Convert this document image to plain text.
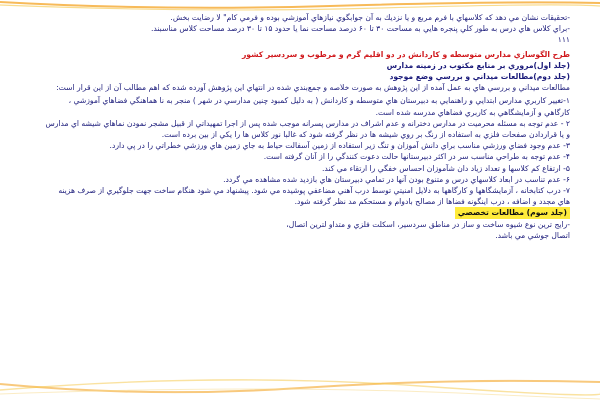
-تحقیقات نشان مي دهد كه كلاسهاي با فرم مربع و يا نزديك به آن جوابگوي نيازهاي آموزشي بوده و فرمي كام‌" لا رضايت بخش.

-براي كلاس هاي درس به طور كلي پنجره هايي به مساحت ۳۰ تا ۶۰ درصد مساحت نما يا حدود ۱۵ تا ۳۰ درصد مساحت كلاس مناسبند.

۱۱۱

طرح الگوسازي مدارس متوسطه و كاردانش در دو اقليم گرم و مرطوب و سردسير كشور

(جلد اول)مروري بر منابع مكتوب در زمينه مدارس

(جلد دوم)مطالعات ميداني و بررسي وضع موجود

مطالعات ميداني و بررسي هاي به عمل آمده از اين پژوهش به صورت خلاصه و جمع‌بندي شده در انتهاي اين پژوهش آورده شده كه اهم مطالب آن از اين قرار است:

۱-تغيير كاربري مدارس ابتدايي و راهنمايي به دبيرستان هاي متوسطه و كاردانش ( به دليل كمبود چنين مدارسي در شهر ) منجر به نا هماهنگي فضاهاي آموزشي ، كارگاهي و آزمايشگاهي به كاربري فضاهاي مدرسه شده است.

۲ - عدم توجه به مسئله محرميت در مدارس دخترانه و عدم اشراف در مدارس پسرانه موجب شده پس از اجرا تمهيداتي از قبيل مشجر نمودن نماهاي شيشه اي مدارس و يا قراردادن صفحات فلزي به استفاده از رنگ بر روي شيشه ها در نظر گرفته شود كه غالبا نور كلاس ها را يكي از بين برده است.

۳- عدم وجود فضاي ورزشي مناسب براي دانش آموزان و تنگ زير استفاده از زمين آسفالت حياط به جاي زمين هاي ورزشي خطراتي را در پي دارد.

۴- عدم توجه به طراحي مناسب سر در اكثر دبيرستانها حالت دعوت كنندگي را از آنان گرفته است.

۵- ارتفاع كم كلاسها و تعداد زياد دان شآموزان احساس خفگي را ارتقاء مي كند.

۶- عدم تناسب در ابعاد كلاسهاي درس و متنوع بودن آنها در تمامي دبيرستان هاي بازديد شده مشاهده مي گردد.

۷- درب كتابخانه ، آزمايشگاهها و كارگاهها به دلايل امنيتي توسط درب آهني مضاعفي پوشيده مي شود. پيشنهاد مي شود هنگام ساخت جهت جلوگيري از صرف هزينه هاي مجدد و اضافه ، درب اينگونه فضاها از مصالح بادوام و مستحكم مد نظر گرفته شود.

(جلد سوم) مطالعات تخصصي

-رايج ترين نوع شيوه ساخت و ساز در مناطق سردسير، اسكلت فلزي و متداو لترين اتصال،

اتصال جوشي مي باشد.
